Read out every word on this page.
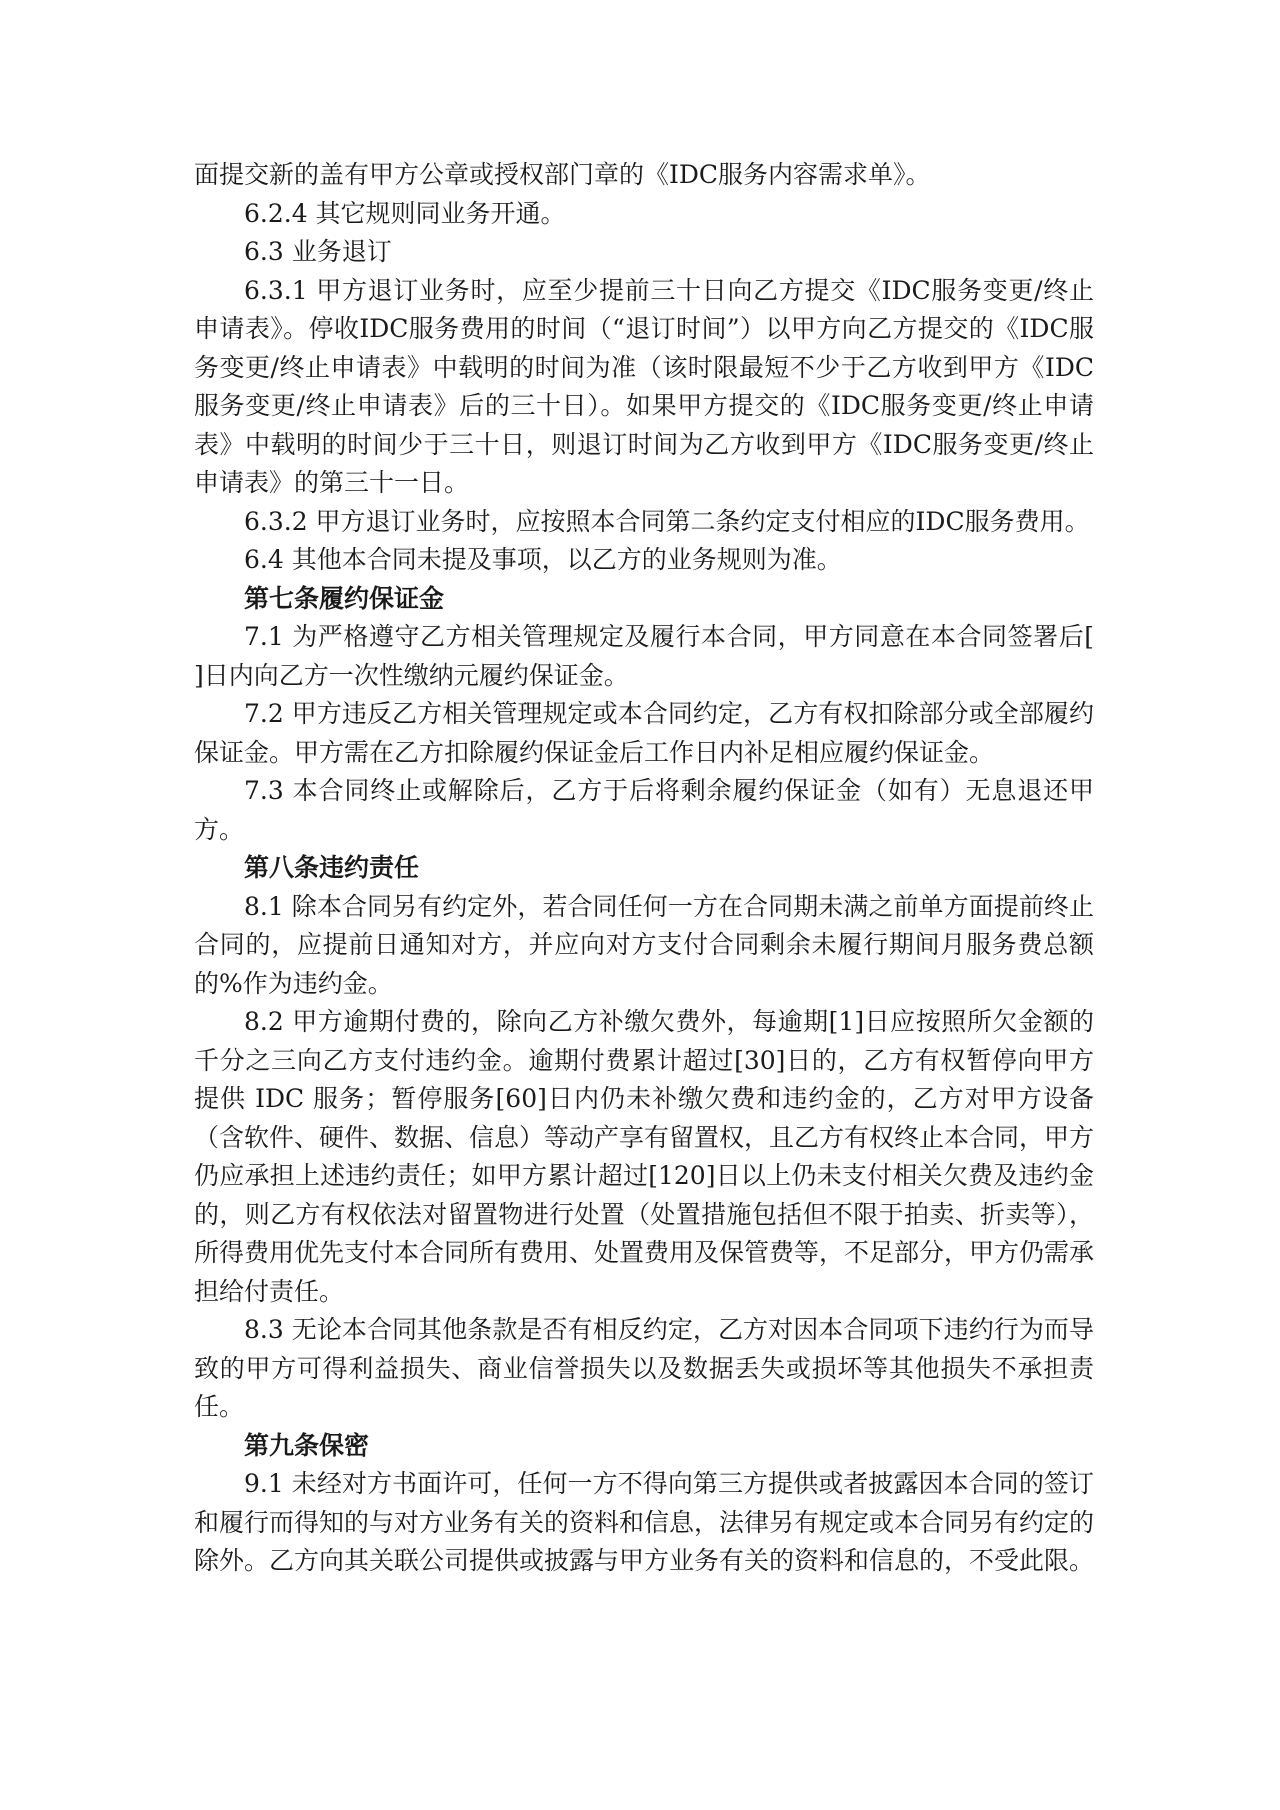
面提交新的盖有甲方公章或授权部门章的《IDC服务内容需求单》。

6.2.4 其它规则同业务开通。

6.3 业务退订

6.3.1 甲方退订业务时，应至少提前三十日向乙方提交《IDC服务变更/终止申请表》。停收IDC服务费用的时间（“退订时间”）以甲方向乙方提交的《IDC服务变更/终止申请表》中载明的时间为准（该时限最短不少于乙方收到甲方《IDC服务变更/终止申请表》后的三十日）。如果甲方提交的《IDC服务变更/终止申请表》中载明的时间少于三十日，则退订时间为乙方收到甲方《IDC服务变更/终止申请表》的第三十一日。

6.3.2 甲方退订业务时，应按照本合同第二条约定支付相应的IDC服务费用。

6.4 其他本合同未提及事项，以乙方的业务规则为准。

第七条履约保证金

7.1 为严格遵守乙方相关管理规定及履行本合同，甲方同意在本合同签署后[ ]日内向乙方一次性缴纳元履约保证金。

7.2 甲方违反乙方相关管理规定或本合同约定，乙方有权扣除部分或全部履约保证金。甲方需在乙方扣除履约保证金后工作日内补足相应履约保证金。

7.3 本合同终止或解除后，乙方于后将剩余履约保证金（如有）无息退还甲方。

第八条违约责任

8.1 除本合同另有约定外，若合同任何一方在合同期未满之前单方面提前终止合同的，应提前日通知对方，并应向对方支付合同剩余未履行期间月服务费总额的%作为违约金。

8.2 甲方逾期付费的，除向乙方补缴欠费外，每逾期[1]日应按照所欠金额的千分之三向乙方支付违约金。逾期付费累计超过[30]日的，乙方有权暂停向甲方提供 IDC 服务；暂停服务[60]日内仍未补缴欠费和违约金的，乙方对甲方设备（含软件、硬件、数据、信息）等动产享有留置权，且乙方有权终止本合同，甲方仍应承担上述违约责任；如甲方累计超过[120]日以上仍未支付相关欠费及违约金的，则乙方有权依法对留置物进行处置（处置措施包括但不限于拍卖、折卖等），所得费用优先支付本合同所有费用、处置费用及保管费等，不足部分，甲方仍需承担给付责任。

8.3 无论本合同其他条款是否有相反约定，乙方对因本合同项下违约行为而导致的甲方可得利益损失、商业信誉损失以及数据丢失或损坏等其他损失不承担责任。

第九条保密

9.1 未经对方书面许可，任何一方不得向第三方提供或者披露因本合同的签订和履行而得知的与对方业务有关的资料和信息，法律另有规定或本合同另有约定的除外。乙方向其关联公司提供或披露与甲方业务有关的资料和信息的，不受此限。
